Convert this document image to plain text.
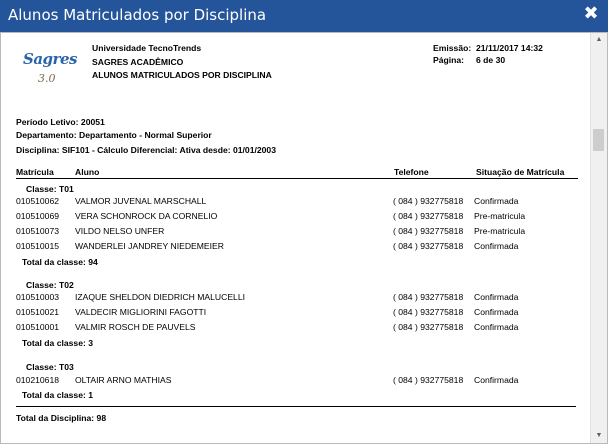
Alunos Matriculados por Disciplina	✖
Sagres
3.0
Universidade TecnoTrends
SAGRES ACADÊMICO
ALUNOS MATRICULADOS POR DISCIPLINA
Emissão: 21/11/2017 14:32
Página: 6 de 30
Período Letivo: 20051
Departamento: Departamento - Normal Superior
Disciplina: SIF101 - Cálculo Diferencial: Ativa desde: 01/01/2003
Matrícula Aluno	Telefone	Situação de Matrícula
Classe: T01
010510062 VALMOR JUVENAL MARSCHALL	( 084 ) 932775818 Confirmada
010510069 VERA SCHONROCK DA CORNELIO	( 084 ) 932775818 Pre-matricula
010510073 VILDO NELSO UNFER	( 084 ) 932775818 Pre-matricula
010510015 WANDERLEI JANDREY NIEDEMEIER	( 084 ) 932775818 Confirmada
Total da classe: 94
Classe: T02
010510003 IZAQUE SHELDON DIEDRICH MALUCELLI	( 084 ) 932775818 Confirmada
010510021 VALDECIR MIGLIORINI FAGOTTI	( 084 ) 932775818 Confirmada
010510001 VALMIR ROSCH DE PAUVELS	( 084 ) 932775818 Confirmada
Total da classe: 3
Classe: T03
010210618 OLTAIR ARNO MATHIAS	( 084 ) 932775818 Confirmada
Total da classe: 1
Total da Disciplina: 98
▲
▼
